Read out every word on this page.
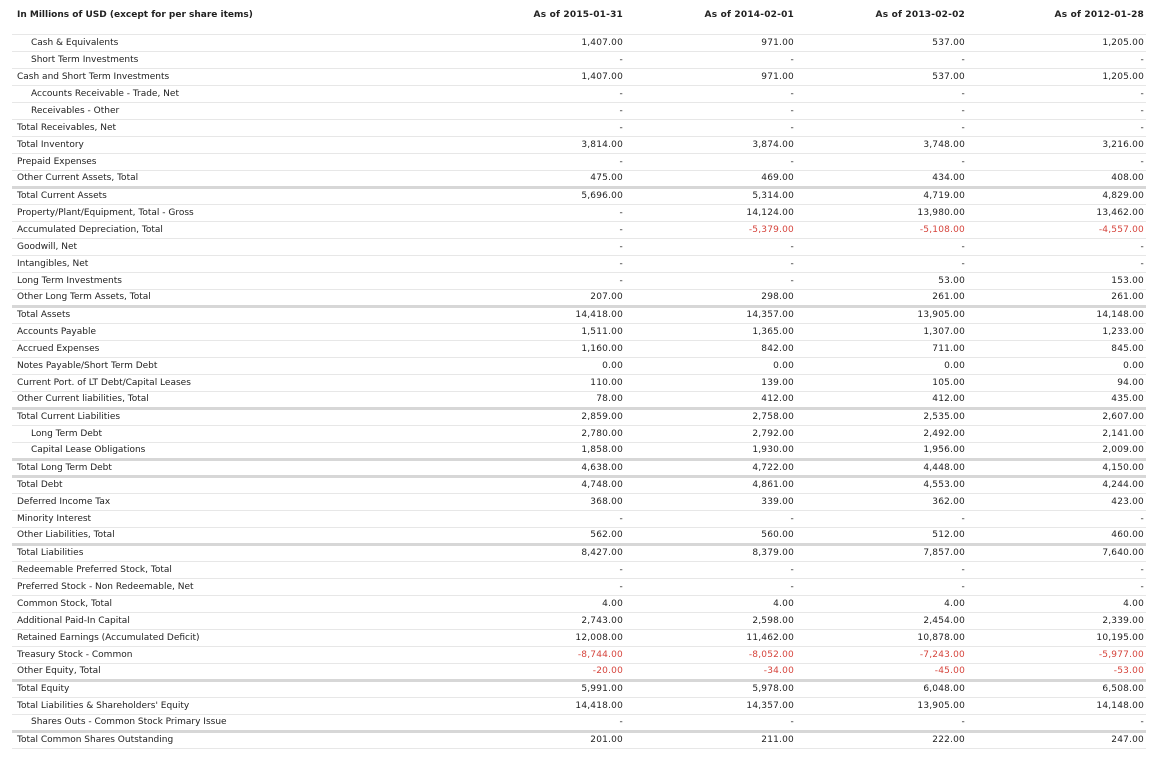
In Millions of USD (except for per share items)	As of 2015-01-31	As of 2014-02-01	As of 2013-02-02	As of 2012-01-28

Cash & Equivalents	1,407.00	971.00	537.00	1,205.00
Short Term Investments	-	-	-	-
Cash and Short Term Investments	1,407.00	971.00	537.00	1,205.00
Accounts Receivable - Trade, Net	-	-	-	-
Receivables - Other	-	-	-	-
Total Receivables, Net	-	-	-	-
Total Inventory	3,814.00	3,874.00	3,748.00	3,216.00
Prepaid Expenses	-	-	-	-
Other Current Assets, Total	475.00	469.00	434.00	408.00
Total Current Assets	5,696.00	5,314.00	4,719.00	4,829.00
Property/Plant/Equipment, Total - Gross	-	14,124.00	13,980.00	13,462.00
Accumulated Depreciation, Total	-	-5,379.00	-5,108.00	-4,557.00
Goodwill, Net	-	-	-	-
Intangibles, Net	-	-	-	-
Long Term Investments	-	-	53.00	153.00
Other Long Term Assets, Total	207.00	298.00	261.00	261.00
Total Assets	14,418.00	14,357.00	13,905.00	14,148.00
Accounts Payable	1,511.00	1,365.00	1,307.00	1,233.00
Accrued Expenses	1,160.00	842.00	711.00	845.00
Notes Payable/Short Term Debt	0.00	0.00	0.00	0.00
Current Port. of LT Debt/Capital Leases	110.00	139.00	105.00	94.00
Other Current liabilities, Total	78.00	412.00	412.00	435.00
Total Current Liabilities	2,859.00	2,758.00	2,535.00	2,607.00
Long Term Debt	2,780.00	2,792.00	2,492.00	2,141.00
Capital Lease Obligations	1,858.00	1,930.00	1,956.00	2,009.00
Total Long Term Debt	4,638.00	4,722.00	4,448.00	4,150.00
Total Debt	4,748.00	4,861.00	4,553.00	4,244.00
Deferred Income Tax	368.00	339.00	362.00	423.00
Minority Interest	-	-	-	-
Other Liabilities, Total	562.00	560.00	512.00	460.00
Total Liabilities	8,427.00	8,379.00	7,857.00	7,640.00
Redeemable Preferred Stock, Total	-	-	-	-
Preferred Stock - Non Redeemable, Net	-	-	-	-
Common Stock, Total	4.00	4.00	4.00	4.00
Additional Paid-In Capital	2,743.00	2,598.00	2,454.00	2,339.00
Retained Earnings (Accumulated Deficit)	12,008.00	11,462.00	10,878.00	10,195.00
Treasury Stock - Common	-8,744.00	-8,052.00	-7,243.00	-5,977.00
Other Equity, Total	-20.00	-34.00	-45.00	-53.00
Total Equity	5,991.00	5,978.00	6,048.00	6,508.00
Total Liabilities & Shareholders' Equity	14,418.00	14,357.00	13,905.00	14,148.00
Shares Outs - Common Stock Primary Issue	-	-	-	-
Total Common Shares Outstanding	201.00	211.00	222.00	247.00
